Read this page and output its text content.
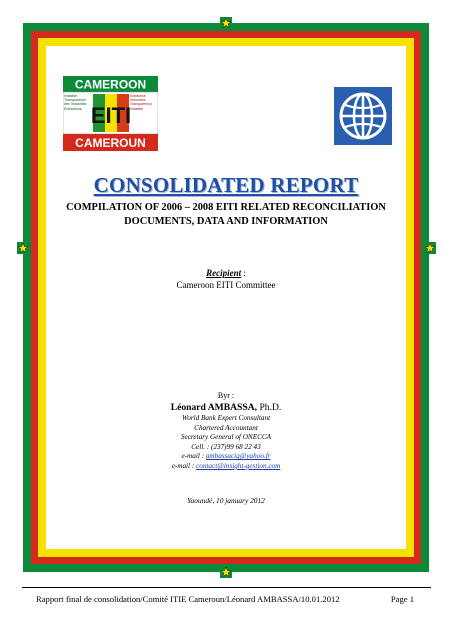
CAMEROON
EITI
Initiative Transparence des Industries Extractives
Extractive Industries Transparency Initiative
CAMEROUN
CONSOLIDATED REPORT
COMPILATION OF 2006 – 2008 EITI RELATED RECONCILIATION
DOCUMENTS, DATA AND INFORMATION
Recipient :
Cameroon EITI Committee
Byr :
Léonard AMBASSA, Ph.D.
World Bank Expert Consultant
Chartered Accountant
Secretary General of ONECCA
Cell. : (237)99 68 22 43
e-mail : ambassacig@yahoo.fr
e-mail : contact@insight-gestion.com
Yaoundé, 10 january 2012
Rapport final de consolidation/Comité ITIE Cameroun/Léonard AMBASSA/10.01.2012	Page 1
